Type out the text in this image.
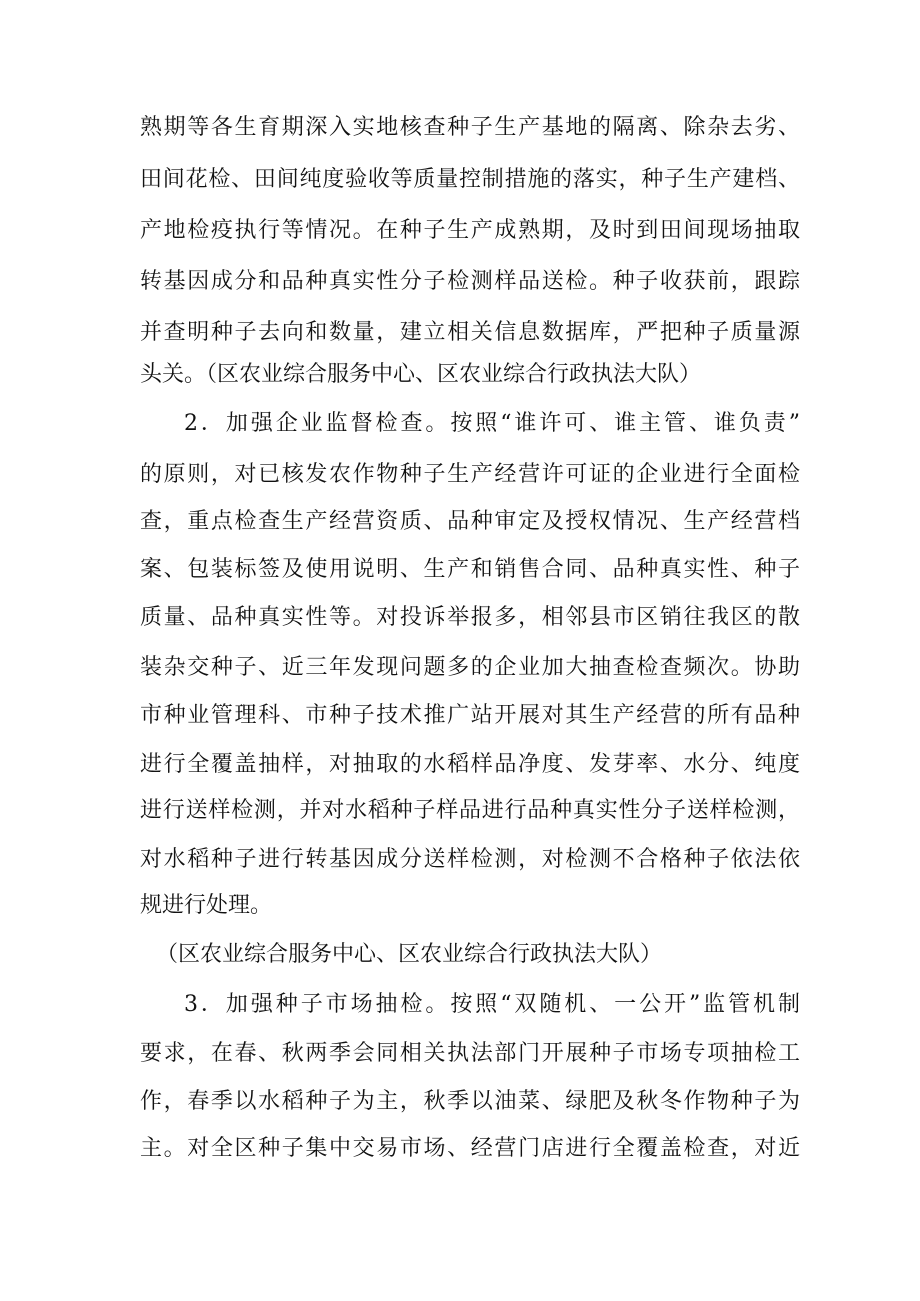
熟期等各生育期深入实地核查种子生产基地的隔离、除杂去劣、
田间花检、田间纯度验收等质量控制措施的落实，种子生产建档、
产地检疫执行等情况。在种子生产成熟期，及时到田间现场抽取
转基因成分和品种真实性分子检测样品送检。种子收获前，跟踪
并查明种子去向和数量，建立相关信息数据库，严把种子质量源
头关。（区农业综合服务中心、区农业综合行政执法大队）
2．加强企业监督检查。按照“谁许可、谁主管、谁负责”
的原则，对已核发农作物种子生产经营许可证的企业进行全面检
查，重点检查生产经营资质、品种审定及授权情况、生产经营档
案、包装标签及使用说明、生产和销售合同、品种真实性、种子
质量、品种真实性等。对投诉举报多，相邻县市区销往我区的散
装杂交种子、近三年发现问题多的企业加大抽查检查频次。协助
市种业管理科、市种子技术推广站开展对其生产经营的所有品种
进行全覆盖抽样，对抽取的水稻样品净度、发芽率、水分、纯度
进行送样检测，并对水稻种子样品进行品种真实性分子送样检测，
对水稻种子进行转基因成分送样检测，对检测不合格种子依法依
规进行处理。
（区农业综合服务中心、区农业综合行政执法大队）
3．加强种子市场抽检。按照“双随机、一公开”监管机制
要求，在春、秋两季会同相关执法部门开展种子市场专项抽检工
作，春季以水稻种子为主，秋季以油菜、绿肥及秋冬作物种子为
主。对全区种子集中交易市场、经营门店进行全覆盖检查，对近
